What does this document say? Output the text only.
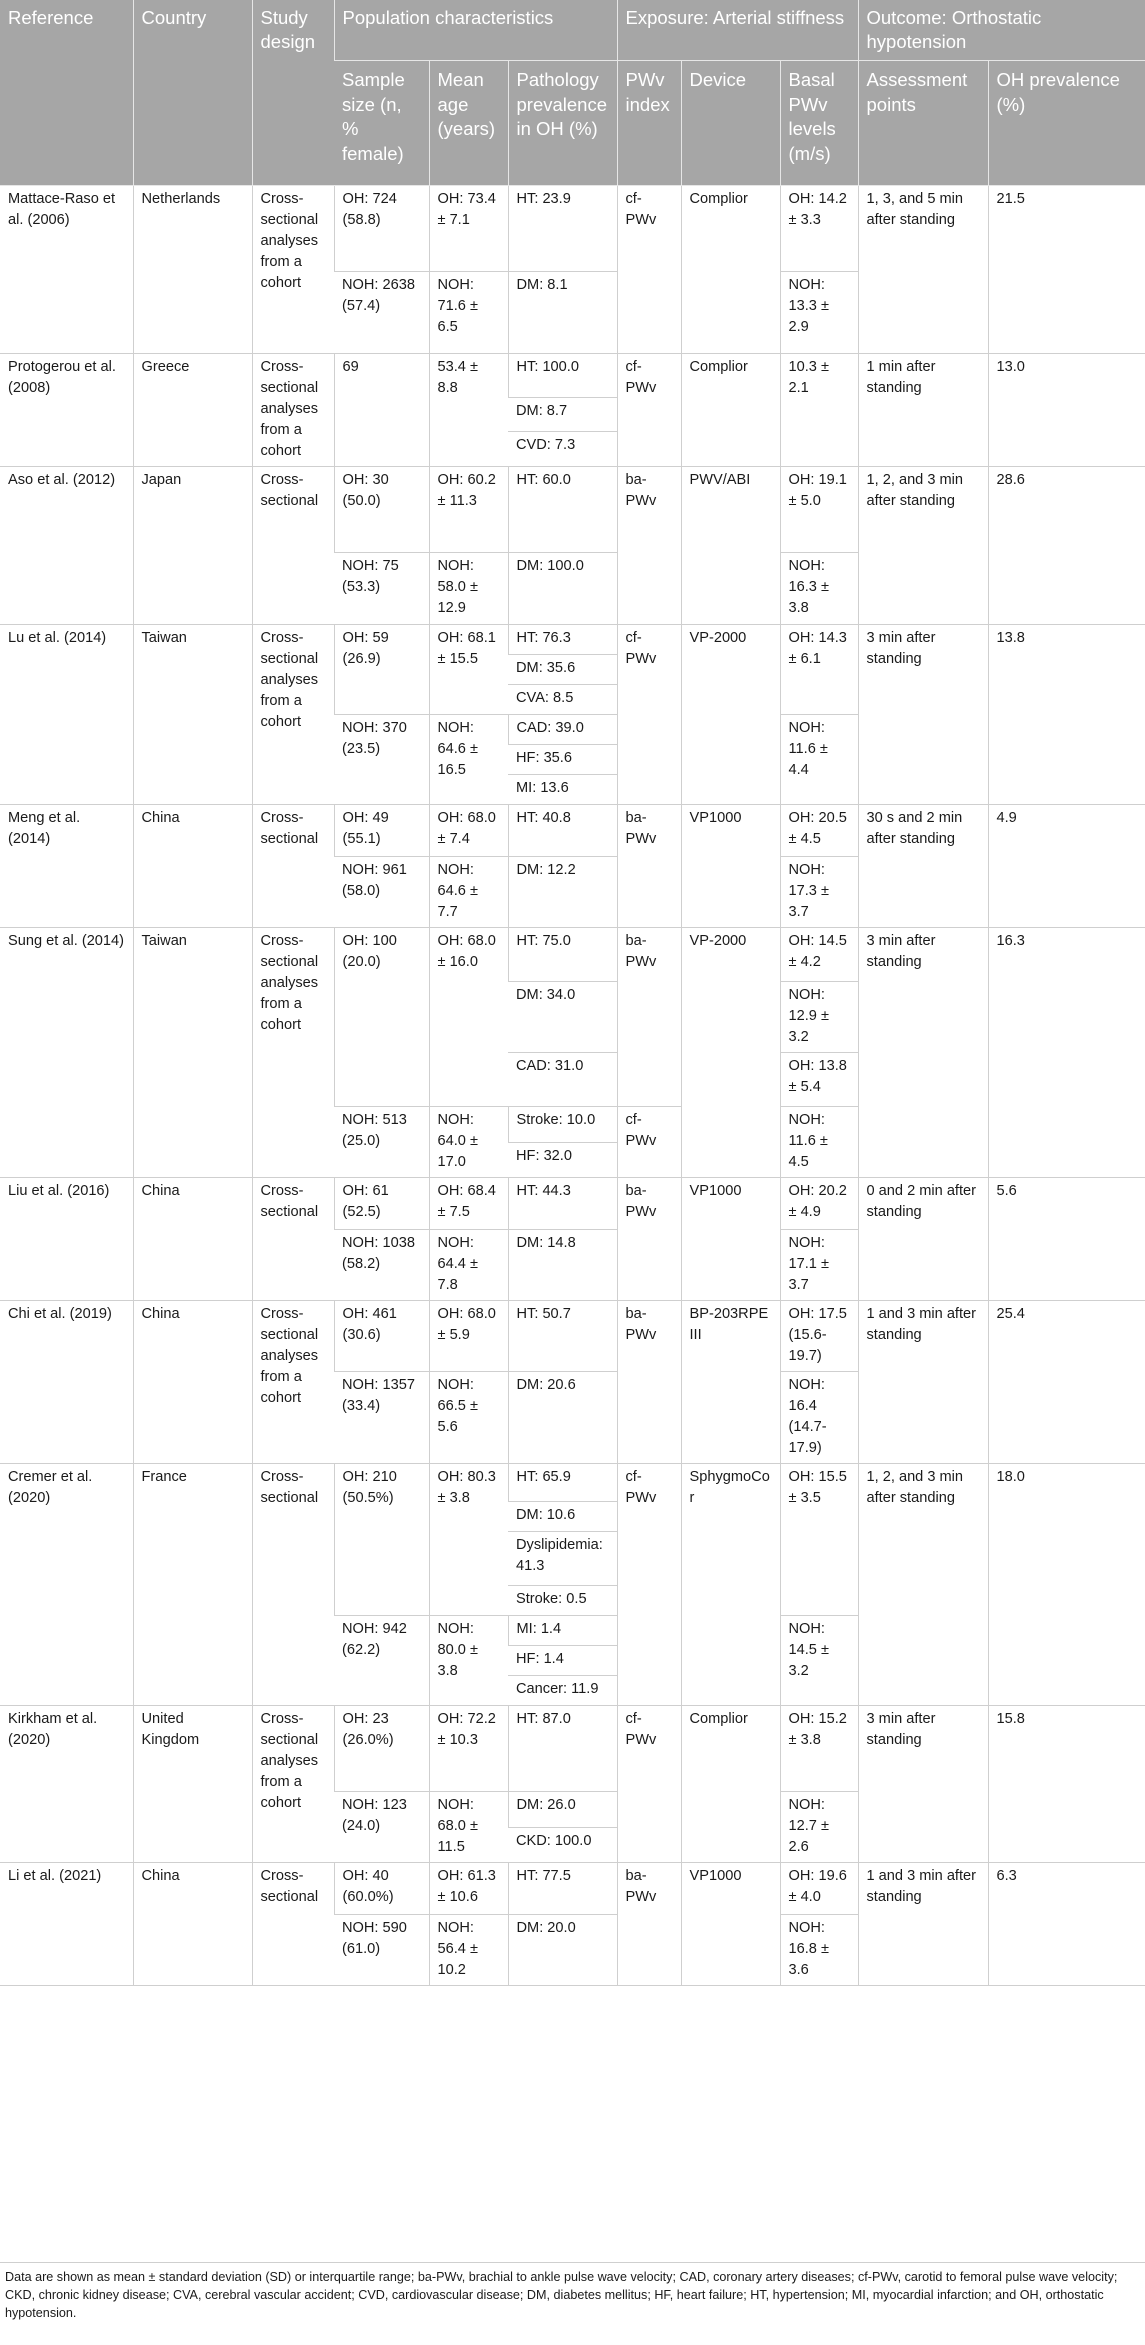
Reference	Country	Study design	Population characteristics			Exposure: Arterial stiffness			Outcome: Orthostatic hypotension	
			Sample size (n, % female)	Mean age (years)	Pathology prevalence in OH (%)	PWv index	Device	Basal PWv levels (m/s)	Assessment points	OH prevalence (%)
Mattace-Raso et al. (2006)	Netherlands	Cross-sectional analyses from a cohort	OH: 724 (58.8)	OH: 73.4 ± 7.1	HT: 23.9	cf-PWv	Complior	OH: 14.2 ± 3.3	1, 3, and 5 min after standing	21.5
			NOH: 2638 (57.4)	NOH: 71.6 ± 6.5	DM: 8.1			NOH: 13.3 ± 2.9		
Protogerou et al. (2008)	Greece	Cross-sectional analyses from a cohort	69	53.4 ± 8.8	HT: 100.0	cf-PWv	Complior	10.3 ± 2.1	1 min after standing	13.0
					DM: 8.7					
					CVD: 7.3					
Aso et al. (2012)	Japan	Cross-sectional	OH: 30 (50.0)	OH: 60.2 ± 11.3	HT: 60.0	ba-PWv	PWV/ABI	OH: 19.1 ± 5.0	1, 2, and 3 min after standing	28.6
			NOH: 75 (53.3)	NOH: 58.0 ± 12.9	DM: 100.0			NOH: 16.3 ± 3.8		
Lu et al. (2014)	Taiwan	Cross-sectional analyses from a cohort	OH: 59 (26.9)	OH: 68.1 ± 15.5	HT: 76.3	cf-PWv	VP-2000	OH: 14.3 ± 6.1	3 min after standing	13.8
					DM: 35.6					
					CVA: 8.5					
			NOH: 370 (23.5)	NOH: 64.6 ± 16.5	CAD: 39.0			NOH: 11.6 ± 4.4		
					HF: 35.6					
					MI: 13.6					
Meng et al. (2014)	China	Cross-sectional	OH: 49 (55.1)	OH: 68.0 ± 7.4	HT: 40.8	ba-PWv	VP1000	OH: 20.5 ± 4.5	30 s and 2 min after standing	4.9
			NOH: 961 (58.0)	NOH: 64.6 ± 7.7	DM: 12.2			NOH: 17.3 ± 3.7		
Sung et al. (2014)	Taiwan	Cross-sectional analyses from a cohort	OH: 100 (20.0)	OH: 68.0 ± 16.0	HT: 75.0	ba-PWv	VP-2000	OH: 14.5 ± 4.2	3 min after standing	16.3
					DM: 34.0			NOH: 12.9 ± 3.2		
					CAD: 31.0			OH: 13.8 ± 5.4		
			NOH: 513 (25.0)	NOH: 64.0 ± 17.0	Stroke: 10.0	cf-PWv		NOH: 11.6 ± 4.5		
					HF: 32.0					
Liu et al. (2016)	China	Cross-sectional	OH: 61 (52.5)	OH: 68.4 ± 7.5	HT: 44.3	ba-PWv	VP1000	OH: 20.2 ± 4.9	0 and 2 min after standing	5.6
			NOH: 1038 (58.2)	NOH: 64.4 ± 7.8	DM: 14.8			NOH: 17.1 ± 3.7		
Chi et al. (2019)	China	Cross-sectional analyses from a cohort	OH: 461 (30.6)	OH: 68.0 ± 5.9	HT: 50.7	ba-PWv	BP-203RPE III	OH: 17.5 (15.6-19.7)	1 and 3 min after standing	25.4
			NOH: 1357 (33.4)	NOH: 66.5 ± 5.6	DM: 20.6			NOH: 16.4 (14.7-17.9)		
Cremer et al. (2020)	France	Cross-sectional	OH: 210 (50.5%)	OH: 80.3 ± 3.8	HT: 65.9	cf-PWv	SphygmoCor	OH: 15.5 ± 3.5	1, 2, and 3 min after standing	18.0
					DM: 10.6					
					Dyslipidemia: 41.3					
					Stroke: 0.5					
			NOH: 942 (62.2)	NOH: 80.0 ± 3.8	MI: 1.4			NOH: 14.5 ± 3.2		
					HF: 1.4					
					Cancer: 11.9					
Kirkham et al. (2020)	United Kingdom	Cross-sectional analyses from a cohort	OH: 23 (26.0%)	OH: 72.2 ± 10.3	HT: 87.0	cf-PWv	Complior	OH: 15.2 ± 3.8	3 min after standing	15.8
			NOH: 123 (24.0)	NOH: 68.0 ± 11.5	DM: 26.0			NOH: 12.7 ± 2.6		
					CKD: 100.0					
Li et al. (2021)	China	Cross-sectional	OH: 40 (60.0%)	OH: 61.3 ± 10.6	HT: 77.5	ba-PWv	VP1000	OH: 19.6 ± 4.0	1 and 3 min after standing	6.3
			NOH: 590 (61.0)	NOH: 56.4 ± 10.2	DM: 20.0			NOH: 16.8 ± 3.6		
Data are shown as mean ± standard deviation (SD) or interquartile range; ba-PWv, brachial to ankle pulse wave velocity; CAD, coronary artery diseases; cf-PWv, carotid to femoral pulse wave velocity; CKD, chronic kidney disease; CVA, cerebral vascular accident; CVD, cardiovascular disease; DM, diabetes mellitus; HF, heart failure; HT, hypertension; MI, myocardial infarction; and OH, orthostatic hypotension.
